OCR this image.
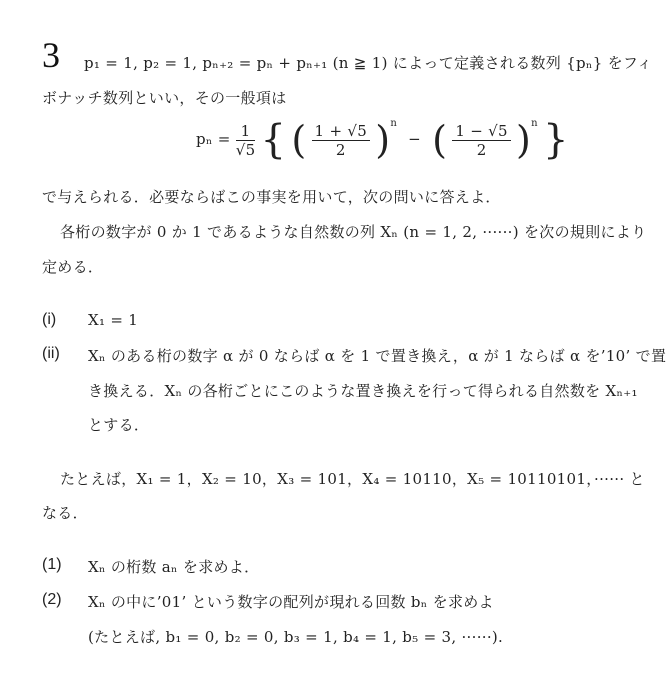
3 p₁ = 1, p₂ = 1, pₙ₊₂ = pₙ + pₙ₊₁ (n ≧ 1) によって定義される数列 {pₙ} をフィ
ボナッチ数列といい，その一般項は
$p_n = \frac{1}{√5}$ { ( $\frac{1 + √5}{2} )^n$ − ( $\frac{1 - √5}{2} )^n$ }
で与えられる．必要ならばこの事実を用いて，次の問いに答えよ．
各桁の数字が 0 か 1 であるような自然数の列 Xₙ (n = 1, 2, ······) を次の規則により
定める．
(i) X₁ = 1
(ii) Xₙ のある桁の数字 α が 0 ならば α を 1 で置き換え，α が 1 ならば α を’10’ で置
き換える．Xₙ の各桁ごとにこのような置き換えを行って得られる自然数を Xₙ₊₁
とする．
たとえば，X₁ = 1，X₂ = 10，X₃ = 101，X₄ = 10110，X₅ = 10110101，······ と
なる．
(1) Xₙ の桁数 aₙ を求めよ．
(2) Xₙ の中に’01’ という数字の配列が現れる回数 bₙ を求めよ
(たとえば, b₁ = 0, b₂ = 0, b₃ = 1, b₄ = 1, b₅ = 3, ······).
